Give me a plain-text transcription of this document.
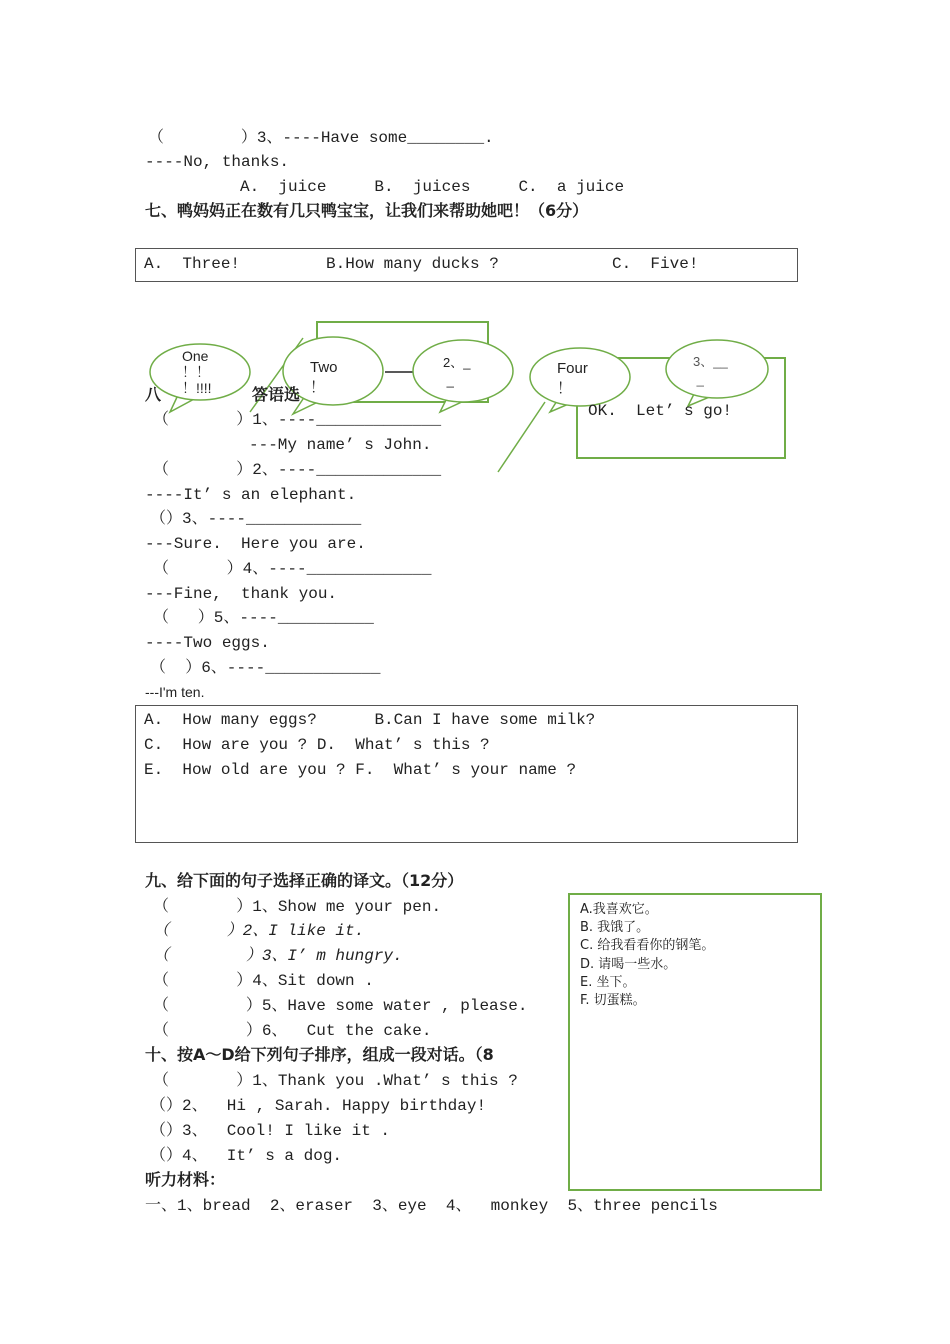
（        ）3、----Have some________.
----No, thanks.
A.  juice     B.  juices     C.  a juice
七、鸭妈妈正在数有几只鸭宝宝，让我们来帮助她吧！（6分）
A.  Three!	B.How many ducks ?	C.  Five!
One
！！
！!!!!
Two
！
2、_
_
Four
！
3、__
_
OK.  Let’ s go!
八	答语选
（       ）1、----_____________
---My name’ s John.
（       ）2、----_____________
----It’ s an elephant.
（）3、----____________
---Sure.  Here you are.
（      ）4、----_____________
---Fine,  thank you.
（   ）5、----__________
----Two eggs.
（  ）6、----____________
---I'm ten.
A.  How many eggs?      B.Can I have some milk?
C.  How are you ? D.  What’ s this ?
E.  How old are you ? F.  What’ s your name ?
九、给下面的句子选择正确的译文。（12分）
（       ）1、Show me your pen.
（      ）2、I like it.
（        ）3、I’ m hungry.
（       ）4、Sit down .
（        ）5、Have some water , please.
（        ）6、  Cut the cake.
A.我喜欢它。
B. 我饿了。
C. 给我看看你的钢笔。
D. 请喝一些水。
E. 坐下。
F. 切蛋糕。
十、按A～D给下列句子排序，组成一段对话。（8
（       ）1、Thank you .What’ s this ?
（）2、  Hi , Sarah. Happy birthday!
（）3、  Cool! I like it .
（）4、  It’ s a dog.
听力材料：
一、1、bread  2、eraser  3、eye  4、  monkey  5、three pencils
